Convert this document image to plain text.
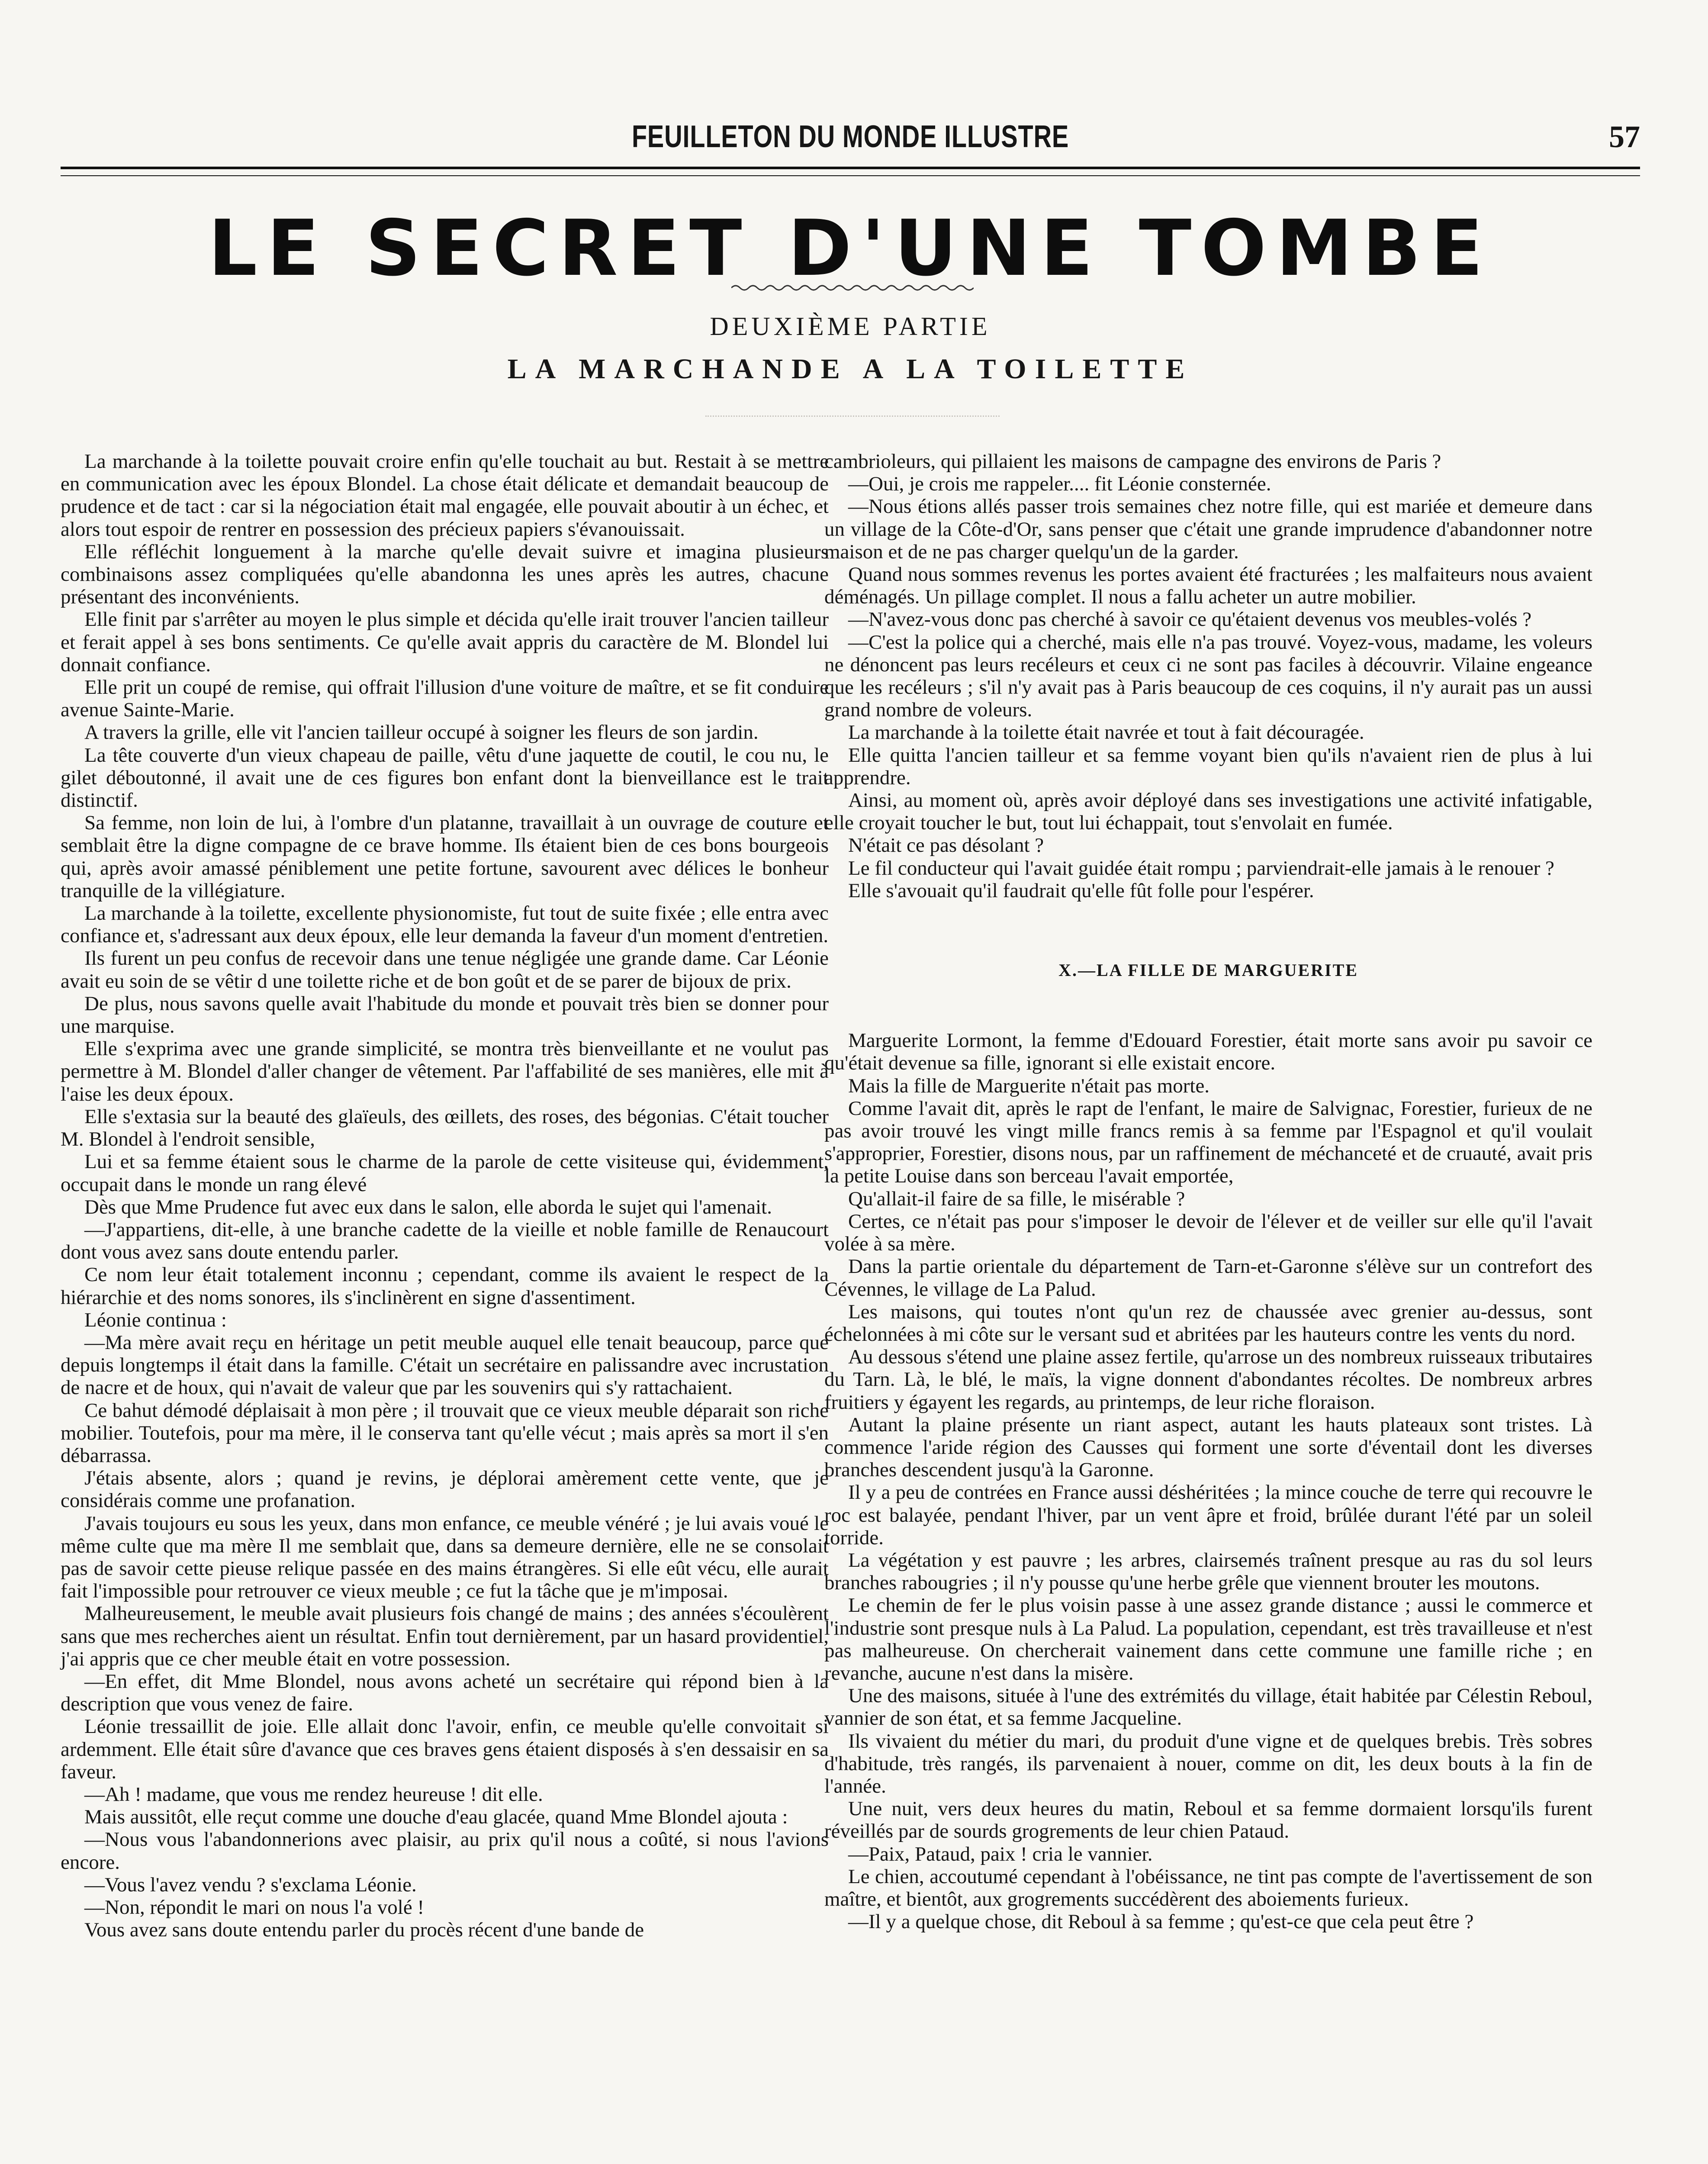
FEUILLETON DU MONDE ILLUSTRE	57
LE SECRET D'UNE TOMBE
DEUXIÈME PARTIE
LA MARCHANDE A LA TOILETTE

La marchande à la toilette pouvait croire enfin qu'elle touchait au but. Restait à se mettre en communication avec les époux Blondel. La chose était délicate et demandait beaucoup de prudence et de tact : car si la négociation était mal engagée, elle pouvait aboutir à un échec, et alors tout espoir de rentrer en possession des précieux papiers s'évanouissait.

Elle réfléchit longuement à la marche qu'elle devait suivre et imagina plusieurs combinaisons assez compliquées qu'elle abandonna les unes après les autres, chacune présentant des inconvénients.

Elle finit par s'arrêter au moyen le plus simple et décida qu'elle irait trouver l'ancien tailleur et ferait appel à ses bons sentiments. Ce qu'elle avait appris du caractère de M. Blondel lui donnait confiance.

Elle prit un coupé de remise, qui offrait l'illusion d'une voiture de maître, et se fit conduire avenue Sainte-Marie.

A travers la grille, elle vit l'ancien tailleur occupé à soigner les fleurs de son jardin.

La tête couverte d'un vieux chapeau de paille, vêtu d'une jaquette de coutil, le cou nu, le gilet déboutonné, il avait une de ces figures bon enfant dont la bienveillance est le trait distinctif.

Sa femme, non loin de lui, à l'ombre d'un platanne, travaillait à un ouvrage de couture et semblait être la digne compagne de ce brave homme. Ils étaient bien de ces bons bourgeois qui, après avoir amassé péniblement une petite fortune, savourent avec délices le bonheur tranquille de la villégiature.

La marchande à la toilette, excellente physionomiste, fut tout de suite fixée ; elle entra avec confiance et, s'adressant aux deux époux, elle leur demanda la faveur d'un moment d'entretien.

Ils furent un peu confus de recevoir dans une tenue négligée une grande dame. Car Léonie avait eu soin de se vêtir d une toilette riche et de bon goût et de se parer de bijoux de prix.

De plus, nous savons quelle avait l'habitude du monde et pouvait très bien se donner pour une marquise.

Elle s'exprima avec une grande simplicité, se montra très bienveillante et ne voulut pas permettre à M. Blondel d'aller changer de vêtement. Par l'affabilité de ses manières, elle mit à l'aise les deux époux.

Elle s'extasia sur la beauté des glaïeuls, des œillets, des roses, des bégonias. C'était toucher M. Blondel à l'endroit sensible,

Lui et sa femme étaient sous le charme de la parole de cette visiteuse qui, évidemment, occupait dans le monde un rang élevé

Dès que Mme Prudence fut avec eux dans le salon, elle aborda le sujet qui l'amenait.

—J'appartiens, dit-elle, à une branche cadette de la vieille et noble famille de Renaucourt dont vous avez sans doute entendu parler.

Ce nom leur était totalement inconnu ; cependant, comme ils avaient le respect de la hiérarchie et des noms sonores, ils s'inclinèrent en signe d'assentiment.

Léonie continua :

—Ma mère avait reçu en héritage un petit meuble auquel elle tenait beaucoup, parce que depuis longtemps il était dans la famille. C'était un secrétaire en palissandre avec incrustation de nacre et de houx, qui n'avait de valeur que par les souvenirs qui s'y rattachaient.

Ce bahut démodé déplaisait à mon père ; il trouvait que ce vieux meuble déparait son riche mobilier. Toutefois, pour ma mère, il le conserva tant qu'elle vécut ; mais après sa mort il s'en débarrassa.

J'étais absente, alors ; quand je revins, je déplorai amèrement cette vente, que je considérais comme une profanation.

J'avais toujours eu sous les yeux, dans mon enfance, ce meuble vénéré ; je lui avais voué le même culte que ma mère Il me semblait que, dans sa demeure dernière, elle ne se consolait pas de savoir cette pieuse relique passée en des mains étrangères. Si elle eût vécu, elle aurait fait l'impossible pour retrouver ce vieux meuble ; ce fut la tâche que je m'imposai.

Malheureusement, le meuble avait plusieurs fois changé de mains ; des années s'écoulèrent sans que mes recherches aient un résultat. Enfin tout dernièrement, par un hasard providentiel, j'ai appris que ce cher meuble était en votre possession.

—En effet, dit Mme Blondel, nous avons acheté un secrétaire qui répond bien à la description que vous venez de faire.

Léonie tressaillit de joie. Elle allait donc l'avoir, enfin, ce meuble qu'elle convoitait si ardemment. Elle était sûre d'avance que ces braves gens étaient disposés à s'en dessaisir en sa faveur.

—Ah ! madame, que vous me rendez heureuse ! dit elle.

Mais aussitôt, elle reçut comme une douche d'eau glacée, quand Mme Blondel ajouta :

—Nous vous l'abandonnerions avec plaisir, au prix qu'il nous a coûté, si nous l'avions encore.

—Vous l'avez vendu ? s'exclama Léonie.

—Non, répondit le mari on nous l'a volé !

Vous avez sans doute entendu parler du procès récent d'une bande de

cambrioleurs, qui pillaient les maisons de campagne des environs de Paris ?

—Oui, je crois me rappeler.... fit Léonie consternée.

—Nous étions allés passer trois semaines chez notre fille, qui est mariée et demeure dans un village de la Côte-d'Or, sans penser que c'était une grande imprudence d'abandonner notre maison et de ne pas charger quelqu'un de la garder.

Quand nous sommes revenus les portes avaient été fracturées ; les malfaiteurs nous avaient déménagés. Un pillage complet. Il nous a fallu acheter un autre mobilier.

—N'avez-vous donc pas cherché à savoir ce qu'étaient devenus vos meubles-volés ?

—C'est la police qui a cherché, mais elle n'a pas trouvé. Voyez-vous, madame, les voleurs ne dénoncent pas leurs recéleurs et ceux ci ne sont pas faciles à découvrir. Vilaine engeance que les recéleurs ; s'il n'y avait pas à Paris beaucoup de ces coquins, il n'y aurait pas un aussi grand nombre de voleurs.

La marchande à la toilette était navrée et tout à fait découragée.

Elle quitta l'ancien tailleur et sa femme voyant bien qu'ils n'avaient rien de plus à lui apprendre.

Ainsi, au moment où, après avoir déployé dans ses investigations une activité infatigable, elle croyait toucher le but, tout lui échappait, tout s'envolait en fumée.

N'était ce pas désolant ?

Le fil conducteur qui l'avait guidée était rompu ; parviendrait-elle jamais à le renouer ?

Elle s'avouait qu'il faudrait qu'elle fût folle pour l'espérer.

X.—LA FILLE DE MARGUERITE

Marguerite Lormont, la femme d'Edouard Forestier, était morte sans avoir pu savoir ce qu'était devenue sa fille, ignorant si elle existait encore.

Mais la fille de Marguerite n'était pas morte.

Comme l'avait dit, après le rapt de l'enfant, le maire de Salvignac, Forestier, furieux de ne pas avoir trouvé les vingt mille francs remis à sa femme par l'Espagnol et qu'il voulait s'approprier, Forestier, disons nous, par un raffinement de méchanceté et de cruauté, avait pris la petite Louise dans son berceau l'avait emportée,

Qu'allait-il faire de sa fille, le misérable ?

Certes, ce n'était pas pour s'imposer le devoir de l'élever et de veiller sur elle qu'il l'avait volée à sa mère.

Dans la partie orientale du département de Tarn-et-Garonne s'élève sur un contrefort des Cévennes, le village de La Palud.

Les maisons, qui toutes n'ont qu'un rez de chaussée avec grenier au-dessus, sont échelonnées à mi côte sur le versant sud et abritées par les hauteurs contre les vents du nord.

Au dessous s'étend une plaine assez fertile, qu'arrose un des nombreux ruisseaux tributaires du Tarn. Là, le blé, le maïs, la vigne donnent d'abondantes récoltes. De nombreux arbres fruitiers y égayent les regards, au printemps, de leur riche floraison.

Autant la plaine présente un riant aspect, autant les hauts plateaux sont tristes. Là commence l'aride région des Causses qui forment une sorte d'éventail dont les diverses branches descendent jusqu'à la Garonne.

Il y a peu de contrées en France aussi déshéritées ; la mince couche de terre qui recouvre le roc est balayée, pendant l'hiver, par un vent âpre et froid, brûlée durant l'été par un soleil torride.

La végétation y est pauvre ; les arbres, clairsemés traînent presque au ras du sol leurs branches rabougries ; il n'y pousse qu'une herbe grêle que viennent brouter les moutons.

Le chemin de fer le plus voisin passe à une assez grande distance ; aussi le commerce et l'industrie sont presque nuls à La Palud. La population, cependant, est très travailleuse et n'est pas malheureuse. On chercherait vainement dans cette commune une famille riche ; en revanche, aucune n'est dans la misère.

Une des maisons, située à l'une des extrémités du village, était habitée par Célestin Reboul, vannier de son état, et sa femme Jacqueline.

Ils vivaient du métier du mari, du produit d'une vigne et de quelques brebis. Très sobres d'habitude, très rangés, ils parvenaient à nouer, comme on dit, les deux bouts à la fin de l'année.

Une nuit, vers deux heures du matin, Reboul et sa femme dormaient lorsqu'ils furent réveillés par de sourds grogrements de leur chien Pataud.

—Paix, Pataud, paix ! cria le vannier.

Le chien, accoutumé cependant à l'obéissance, ne tint pas compte de l'avertissement de son maître, et bientôt, aux grogrements succédèrent des aboiements furieux.

—Il y a quelque chose, dit Reboul à sa femme ; qu'est-ce que cela peut être ?
